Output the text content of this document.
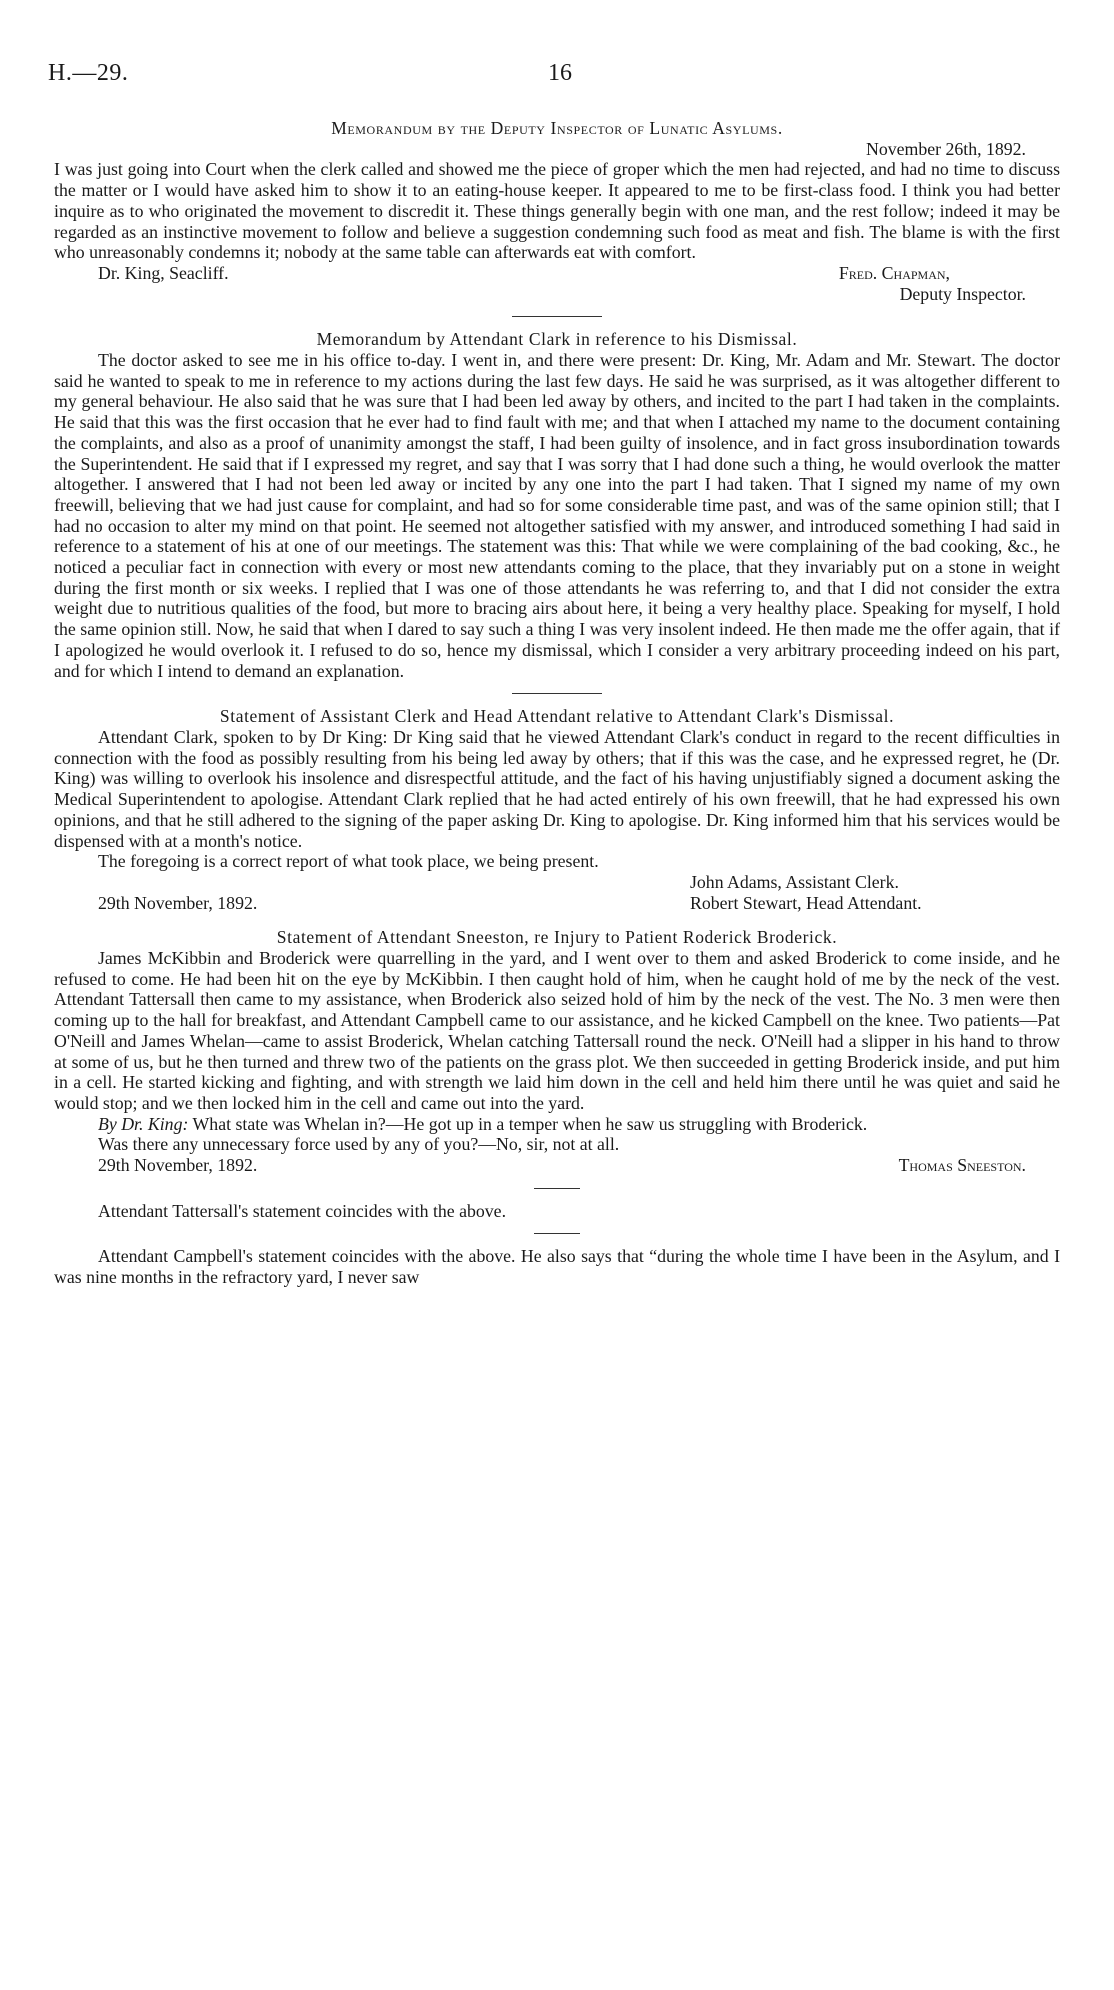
H.—29.	16
Memorandum by the Deputy Inspector of Lunatic Asylums.

November 26th, 1892.

I was just going into Court when the clerk called and showed me the piece of groper which the men had rejected, and had no time to discuss the matter or I would have asked him to show it to an eating-house keeper. It appeared to me to be first-class food. I think you had better inquire as to who originated the movement to discredit it. These things generally begin with one man, and the rest follow; indeed it may be regarded as an instinctive movement to follow and believe a suggestion condemning such food as meat and fish. The blame is with the first who unreasonably condemns it; nobody at the same table can afterwards eat with comfort.

Dr. King, Seacliff.	Fred. Chapman,

Deputy Inspector.

Memorandum by Attendant Clark in reference to his Dismissal.

The doctor asked to see me in his office to-day. I went in, and there were present: Dr. King, Mr. Adam and Mr. Stewart. The doctor said he wanted to speak to me in reference to my actions during the last few days. He said he was surprised, as it was altogether different to my general behaviour. He also said that he was sure that I had been led away by others, and incited to the part I had taken in the complaints. He said that this was the first occasion that he ever had to find fault with me; and that when I attached my name to the document containing the complaints, and also as a proof of unanimity amongst the staff, I had been guilty of insolence, and in fact gross insubordination towards the Superintendent. He said that if I expressed my regret, and say that I was sorry that I had done such a thing, he would overlook the matter altogether. I answered that I had not been led away or incited by any one into the part I had taken. That I signed my name of my own freewill, believing that we had just cause for complaint, and had so for some considerable time past, and was of the same opinion still; that I had no occasion to alter my mind on that point. He seemed not altogether satisfied with my answer, and introduced something I had said in reference to a statement of his at one of our meetings. The statement was this: That while we were complaining of the bad cooking, &c., he noticed a peculiar fact in connection with every or most new attendants coming to the place, that they invariably put on a stone in weight during the first month or six weeks. I replied that I was one of those attendants he was referring to, and that I did not consider the extra weight due to nutritious qualities of the food, but more to bracing airs about here, it being a very healthy place. Speaking for myself, I hold the same opinion still. Now, he said that when I dared to say such a thing I was very insolent indeed. He then made me the offer again, that if I apologized he would overlook it. I refused to do so, hence my dismissal, which I consider a very arbitrary proceeding indeed on his part, and for which I intend to demand an explanation.

Statement of Assistant Clerk and Head Attendant relative to Attendant Clark's Dismissal.

Attendant Clark, spoken to by Dr King: Dr King said that he viewed Attendant Clark's conduct in regard to the recent difficulties in connection with the food as possibly resulting from his being led away by others; that if this was the case, and he expressed regret, he (Dr. King) was willing to overlook his insolence and disrespectful attitude, and the fact of his having unjustifiably signed a document asking the Medical Superintendent to apologise. Attendant Clark replied that he had acted entirely of his own freewill, that he had expressed his own opinions, and that he still adhered to the signing of the paper asking Dr. King to apologise. Dr. King informed him that his services would be dispensed with at a month's notice.

The foregoing is a correct report of what took place, we being present.

John Adams, Assistant Clerk.
29th November, 1892.	Robert Stewart, Head Attendant.
Statement of Attendant Sneeston, re Injury to Patient Roderick Broderick.

James McKibbin and Broderick were quarrelling in the yard, and I went over to them and asked Broderick to come inside, and he refused to come. He had been hit on the eye by McKibbin. I then caught hold of him, when he caught hold of me by the neck of the vest. Attendant Tattersall then came to my assistance, when Broderick also seized hold of him by the neck of the vest. The No. 3 men were then coming up to the hall for breakfast, and Attendant Campbell came to our assistance, and he kicked Campbell on the knee. Two patients—Pat O'Neill and James Whelan—came to assist Broderick, Whelan catching Tattersall round the neck. O'Neill had a slipper in his hand to throw at some of us, but he then turned and threw two of the patients on the grass plot. We then succeeded in getting Broderick inside, and put him in a cell. He started kicking and fighting, and with strength we laid him down in the cell and held him there until he was quiet and said he would stop; and we then locked him in the cell and came out into the yard.

By Dr. King: What state was Whelan in?—He got up in a temper when he saw us struggling with Broderick.

Was there any unnecessary force used by any of you?—No, sir, not at all.

29th November, 1892.	Thomas Sneeston.

Attendant Tattersall's statement coincides with the above.

Attendant Campbell's statement coincides with the above. He also says that “during the whole time I have been in the Asylum, and I was nine months in the refractory yard, I never saw
